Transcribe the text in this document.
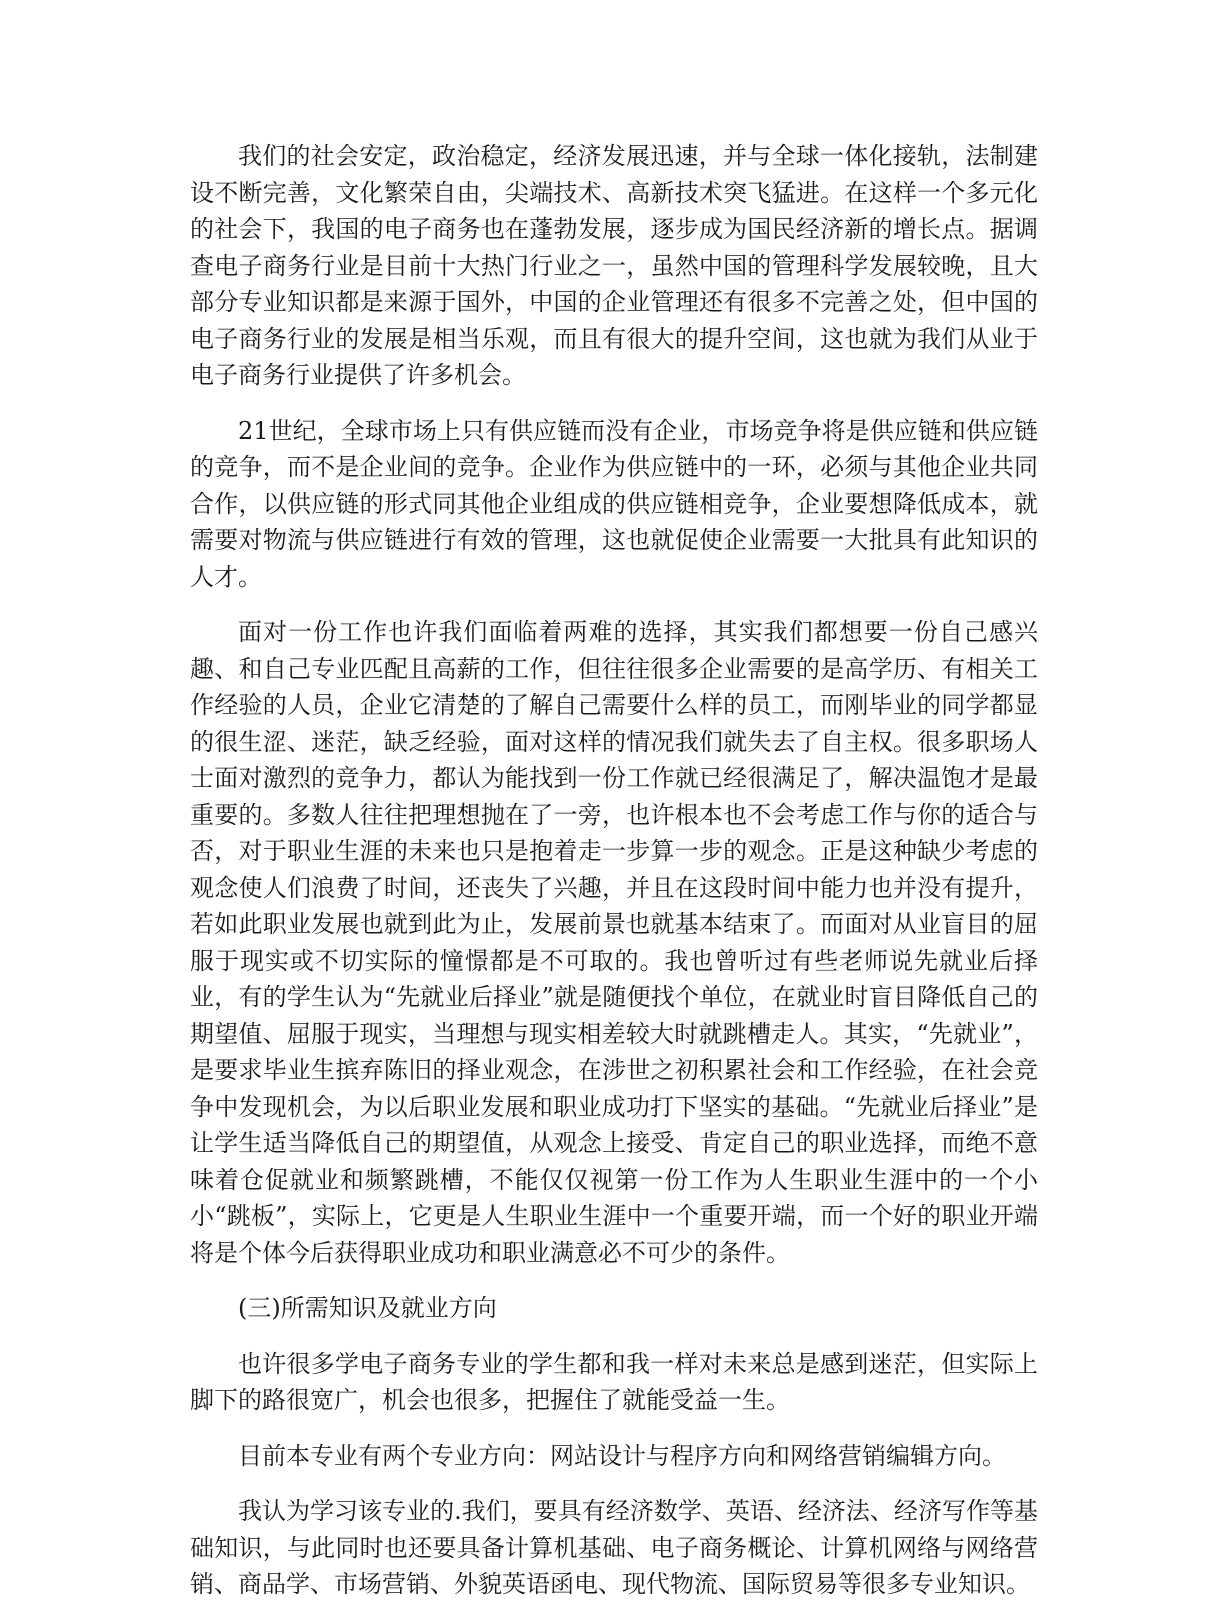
我们的社会安定，政治稳定，经济发展迅速，并与全球一体化接轨，法制建设不断完善，文化繁荣自由，尖端技术、高新技术突飞猛进。在这样一个多元化的社会下，我国的电子商务也在蓬勃发展，逐步成为国民经济新的增长点。据调查电子商务行业是目前十大热门行业之一，虽然中国的管理科学发展较晚，且大部分专业知识都是来源于国外，中国的企业管理还有很多不完善之处，但中国的电子商务行业的发展是相当乐观，而且有很大的提升空间，这也就为我们从业于电子商务行业提供了许多机会。

21世纪，全球市场上只有供应链而没有企业，市场竞争将是供应链和供应链的竞争，而不是企业间的竞争。企业作为供应链中的一环，必须与其他企业共同合作，以供应链的形式同其他企业组成的供应链相竞争，企业要想降低成本，就需要对物流与供应链进行有效的管理，这也就促使企业需要一大批具有此知识的人才。

面对一份工作也许我们面临着两难的选择，其实我们都想要一份自己感兴趣、和自己专业匹配且高薪的工作，但往往很多企业需要的是高学历、有相关工作经验的人员，企业它清楚的了解自己需要什么样的员工，而刚毕业的同学都显的很生涩、迷茫，缺乏经验，面对这样的情况我们就失去了自主权。很多职场人士面对激烈的竞争力，都认为能找到一份工作就已经很满足了，解决温饱才是最重要的。多数人往往把理想抛在了一旁，也许根本也不会考虑工作与你的适合与否，对于职业生涯的未来也只是抱着走一步算一步的观念。正是这种缺少考虑的观念使人们浪费了时间，还丧失了兴趣，并且在这段时间中能力也并没有提升，若如此职业发展也就到此为止，发展前景也就基本结束了。而面对从业盲目的屈服于现实或不切实际的憧憬都是不可取的。我也曾听过有些老师说先就业后择业，有的学生认为“先就业后择业”就是随便找个单位，在就业时盲目降低自己的期望值、屈服于现实，当理想与现实相差较大时就跳槽走人。其实，“先就业”，是要求毕业生摈弃陈旧的择业观念，在涉世之初积累社会和工作经验，在社会竞争中发现机会，为以后职业发展和职业成功打下坚实的基础。“先就业后择业”是让学生适当降低自己的期望值，从观念上接受、肯定自己的职业选择，而绝不意味着仓促就业和频繁跳槽，不能仅仅视第一份工作为人生职业生涯中的一个小小“跳板”，实际上，它更是人生职业生涯中一个重要开端，而一个好的职业开端将是个体今后获得职业成功和职业满意必不可少的条件。

(三)所需知识及就业方向

也许很多学电子商务专业的学生都和我一样对未来总是感到迷茫，但实际上脚下的路很宽广，机会也很多，把握住了就能受益一生。

目前本专业有两个专业方向：网站设计与程序方向和网络营销编辑方向。

我认为学习该专业的.我们，要具有经济数学、英语、经济法、经济写作等基础知识，与此同时也还要具备计算机基础、电子商务概论、计算机网络与网络营销、商品学、市场营销、外貌英语函电、现代物流、国际贸易等很多专业知识。
